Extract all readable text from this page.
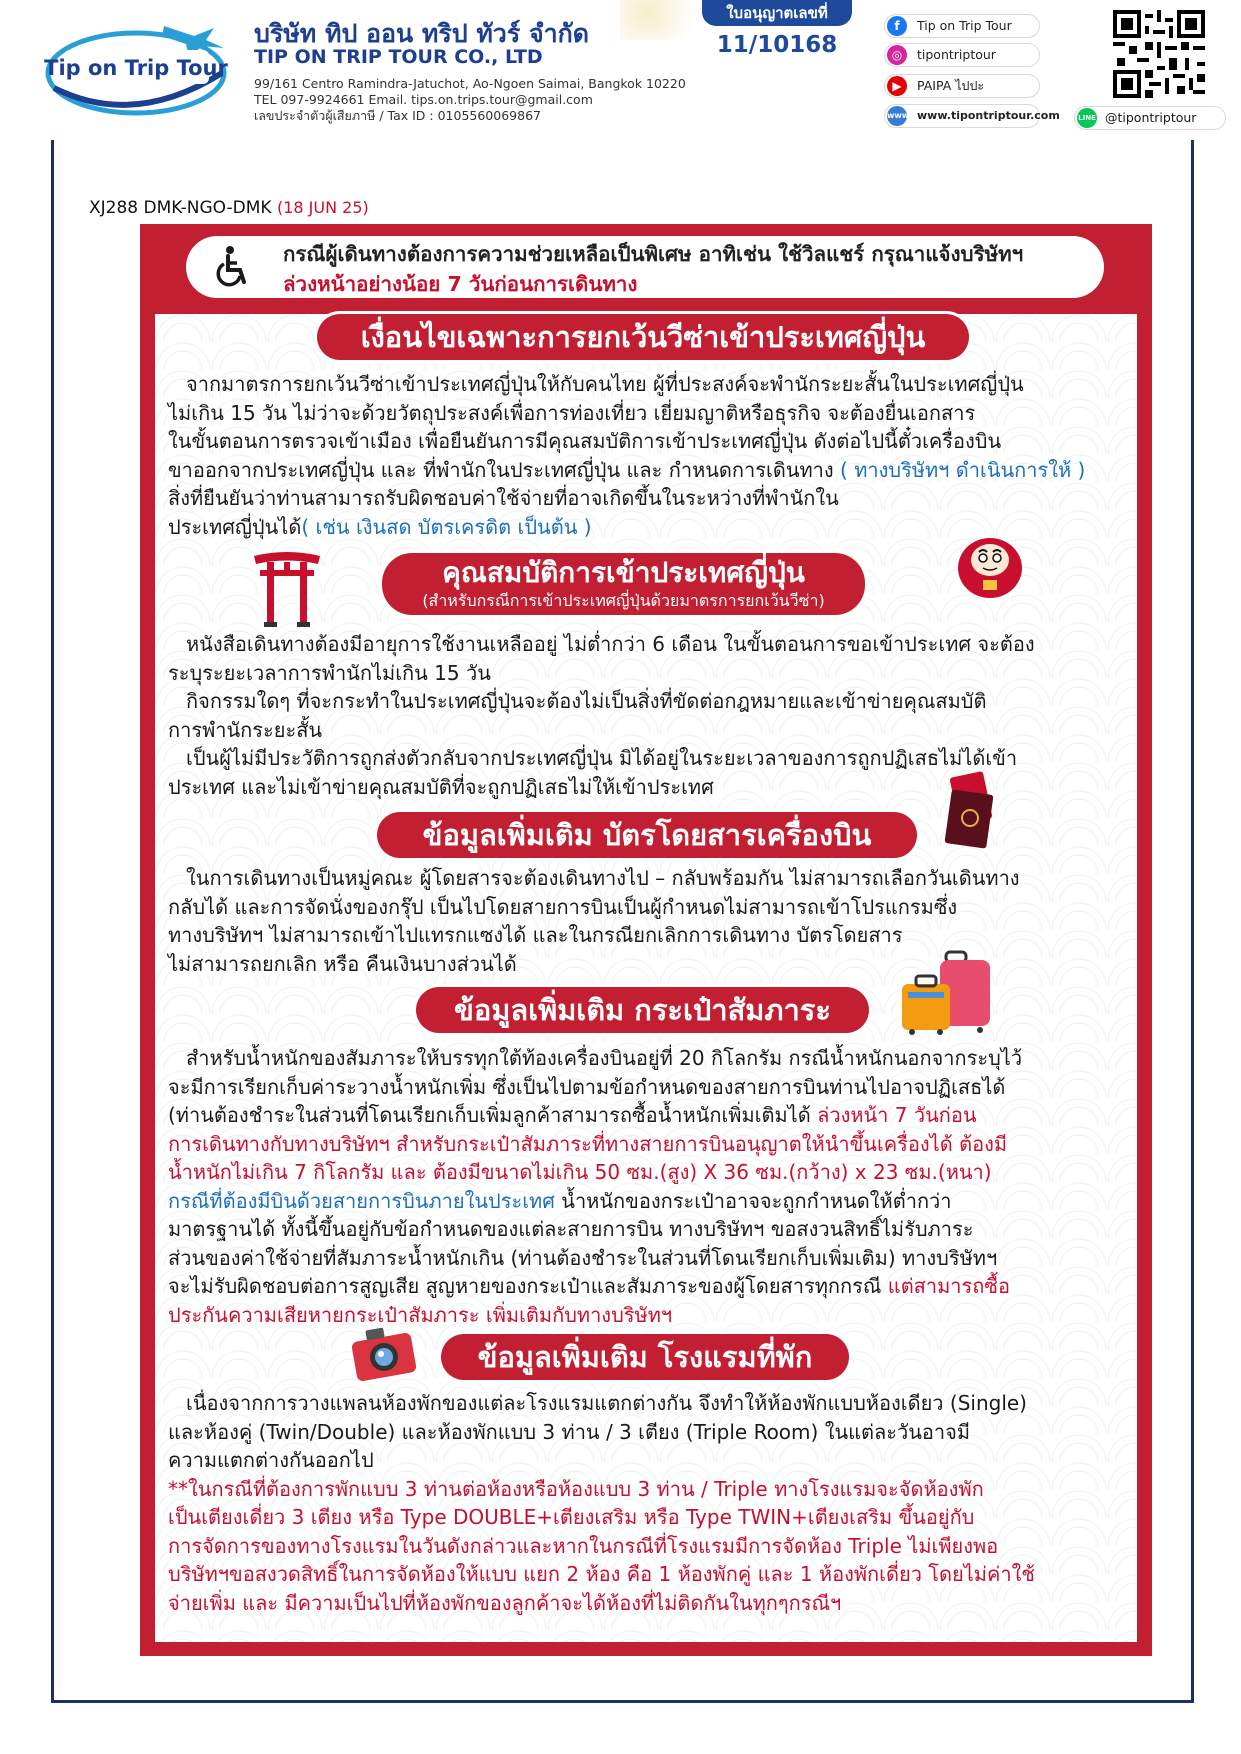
Tip on Trip Tour
บริษัท ทิป ออน ทริป ทัวร์ จำกัด
TIP ON TRIP TOUR CO., LTD
99/161 Centro Ramindra-Jatuchot, Ao-Ngoen Saimai, Bangkok 10220
TEL 097-9924661 Email. tips.on.trips.tour@gmail.com
เลขประจำตัวผู้เสียภาษี / Tax ID : 0105560069867
ใบอนุญาตเลขที่
11/10168
f	Tip on Trip Tour
◎	tipontriptour
▶	PAIPA ไปปะ
www www.tipontriptour.com	LINE @tipontriptour
XJ288 DMK-NGO-DMK (18 JUN 25)
กรณีผู้เดินทางต้องการความช่วยเหลือเป็นพิเศษ อาทิเช่น ใช้วิลแชร์ กรุณาแจ้งบริษัทฯ
ล่วงหน้าอย่างน้อย 7 วันก่อนการเดินทาง
เงื่อนไขเฉพาะการยกเว้นวีซ่าเข้าประเทศญี่ปุ่น
จากมาตรการยกเว้นวีซ่าเข้าประเทศญี่ปุ่นให้กับคนไทย ผู้ที่ประสงค์จะพำนักระยะสั้นในประเทศญี่ปุ่น
ไม่เกิน 15 วัน ไม่ว่าจะด้วยวัตถุประสงค์เพื่อการท่องเที่ยว เยี่ยมญาติหรือธุรกิจ จะต้องยื่นเอกสาร
ในขั้นตอนการตรวจเข้าเมือง เพื่อยืนยันการมีคุณสมบัติการเข้าประเทศญี่ปุ่น ดังต่อไปนี้ตั๋วเครื่องบิน
ขาออกจากประเทศญี่ปุ่น และ ที่พำนักในประเทศญี่ปุ่น และ กำหนดการเดินทาง ( ทางบริษัทฯ ดำเนินการให้ )
สิ่งที่ยืนยันว่าท่านสามารถรับผิดชอบค่าใช้จ่ายที่อาจเกิดขึ้นในระหว่างที่พำนักใน
ประเทศญี่ปุ่นได้( เช่น เงินสด บัตรเครดิต เป็นต้น )
คุณสมบัติการเข้าประเทศญี่ปุ่น
(สำหรับกรณีการเข้าประเทศญี่ปุ่นด้วยมาตรการยกเว้นวีซ่า)
หนังสือเดินทางต้องมีอายุการใช้งานเหลืออยู่ ไม่ต่ำกว่า 6 เดือน ในขั้นตอนการขอเข้าประเทศ จะต้อง
ระบุระยะเวลาการพำนักไม่เกิน 15 วัน
กิจกรรมใดๆ ที่จะกระทำในประเทศญี่ปุ่นจะต้องไม่เป็นสิ่งที่ขัดต่อกฎหมายและเข้าข่ายคุณสมบัติ
การพำนักระยะสั้น
เป็นผู้ไม่มีประวัติการถูกส่งตัวกลับจากประเทศญี่ปุ่น มิได้อยู่ในระยะเวลาของการถูกปฏิเสธไม่ได้เข้า
ประเทศ และไม่เข้าข่ายคุณสมบัติที่จะถูกปฏิเสธไม่ให้เข้าประเทศ
ข้อมูลเพิ่มเติม บัตรโดยสารเครื่องบิน
ในการเดินทางเป็นหมู่คณะ ผู้โดยสารจะต้องเดินทางไป – กลับพร้อมกัน ไม่สามารถเลือกวันเดินทาง
กลับได้ และการจัดนั่งของกรุ๊ป เป็นไปโดยสายการบินเป็นผู้กำหนดไม่สามารถเข้าโปรแกรมซึ่ง
ทางบริษัทฯ ไม่สามารถเข้าไปแทรกแซงได้ และในกรณียกเลิกการเดินทาง บัตรโดยสาร
ไม่สามารถยกเลิก หรือ คืนเงินบางส่วนได้
ข้อมูลเพิ่มเติม กระเป๋าสัมภาระ
สำหรับน้ำหนักของสัมภาระให้บรรทุกใต้ท้องเครื่องบินอยู่ที่ 20 กิโลกรัม กรณีน้ำหนักนอกจากระบุไว้
จะมีการเรียกเก็บค่าระวางน้ำหนักเพิ่ม ซึ่งเป็นไปตามข้อกำหนดของสายการบินท่านไปอาจปฏิเสธได้
(ท่านต้องชำระในส่วนที่โดนเรียกเก็บเพิ่มลูกค้าสามารถซื้อน้ำหนักเพิ่มเติมได้ ล่วงหน้า 7 วันก่อน
การเดินทางกับทางบริษัทฯ สำหรับกระเป๋าสัมภาระที่ทางสายการบินอนุญาตให้นำขึ้นเครื่องได้ ต้องมี
น้ำหนักไม่เกิน 7 กิโลกรัม และ ต้องมีขนาดไม่เกิน 50 ซม.(สูง) X 36 ซม.(กว้าง) x 23 ซม.(หนา)
กรณีที่ต้องมีบินด้วยสายการบินภายในประเทศ น้ำหนักของกระเป๋าอาจจะถูกกำหนดให้ต่ำกว่า
มาตรฐานได้ ทั้งนี้ขึ้นอยู่กับข้อกำหนดของแต่ละสายการบิน ทางบริษัทฯ ขอสงวนสิทธิ์ไม่รับภาระ
ส่วนของค่าใช้จ่ายที่สัมภาระน้ำหนักเกิน (ท่านต้องชำระในส่วนที่โดนเรียกเก็บเพิ่มเติม) ทางบริษัทฯ
จะไม่รับผิดชอบต่อการสูญเสีย สูญหายของกระเป๋าและสัมภาระของผู้โดยสารทุกกรณี แต่สามารถซื้อ
ประกันความเสียหายกระเป๋าสัมภาระ เพิ่มเติมกับทางบริษัทฯ
ข้อมูลเพิ่มเติม โรงแรมที่พัก
เนื่องจากการวางแพลนห้องพักของแต่ละโรงแรมแตกต่างกัน จึงทำให้ห้องพักแบบห้องเดียว (Single)
และห้องคู่ (Twin/Double) และห้องพักแบบ 3 ท่าน / 3 เตียง (Triple Room) ในแต่ละวันอาจมี
ความแตกต่างกันออกไป
**ในกรณีที่ต้องการพักแบบ 3 ท่านต่อห้องหรือห้องแบบ 3 ท่าน / Triple ทางโรงแรมจะจัดห้องพัก
เป็นเตียงเดี่ยว 3 เตียง หรือ Type DOUBLE+เตียงเสริม หรือ Type TWIN+เตียงเสริม ขึ้นอยู่กับ
การจัดการของทางโรงแรมในวันดังกล่าวและหากในกรณีที่โรงแรมมีการจัดห้อง Triple ไม่เพียงพอ
บริษัทฯขอสงวดสิทธิ์ในการจัดห้องให้แบบ แยก 2 ห้อง คือ 1 ห้องพักคู่ และ 1 ห้องพักเดี่ยว โดยไม่ค่าใช้
จ่ายเพิ่ม และ มีความเป็นไปที่ห้องพักของลูกค้าจะได้ห้องที่ไม่ติดกันในทุกๆกรณีฯ
